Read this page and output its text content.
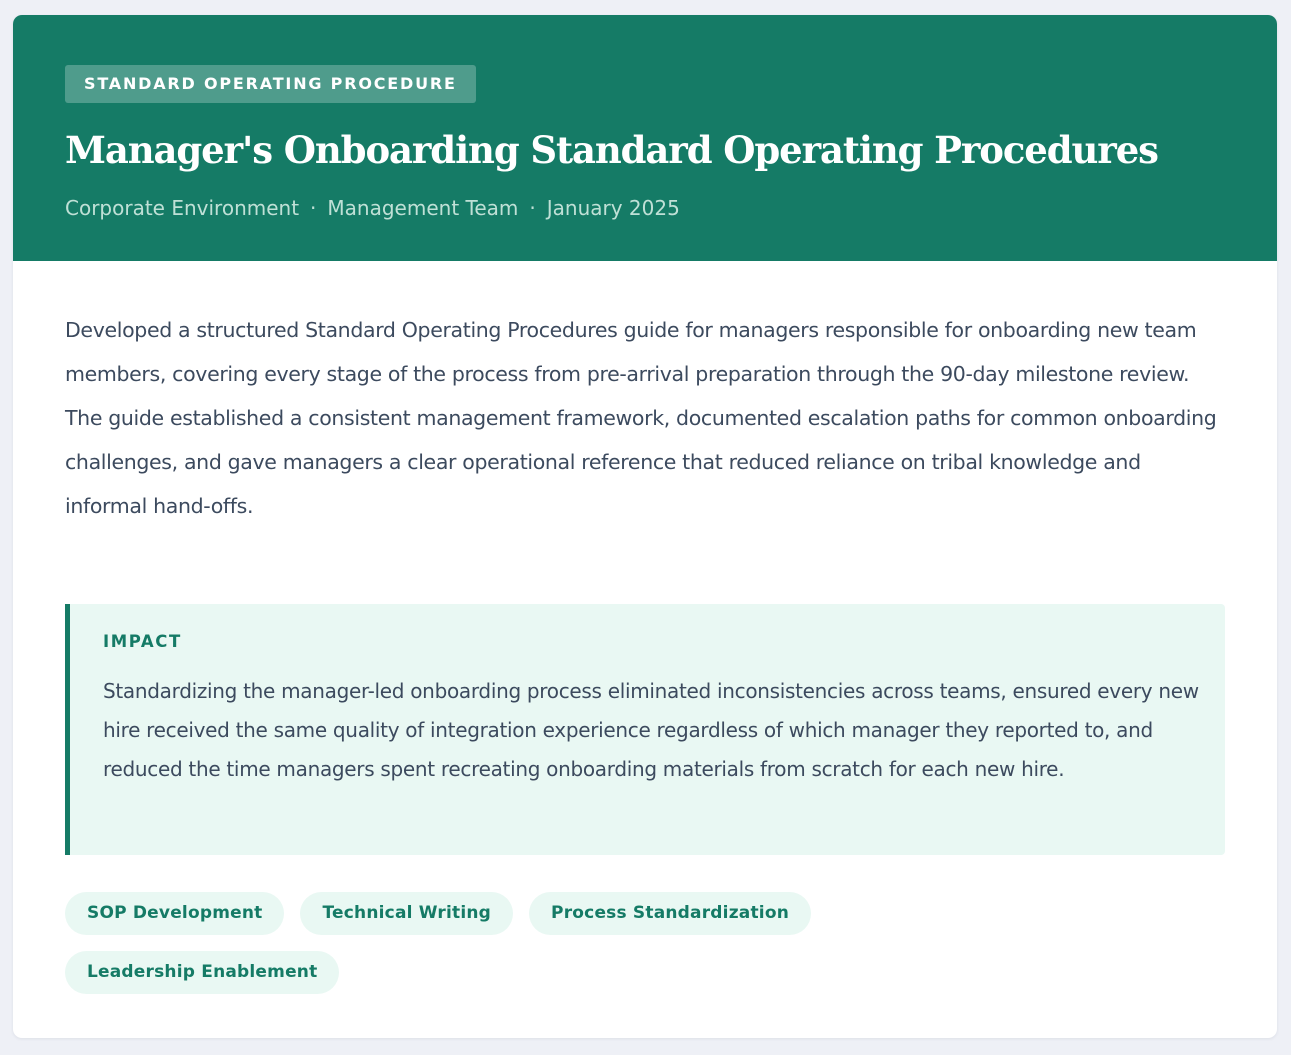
STANDARD OPERATING PROCEDURE
Manager's Onboarding Standard Operating Procedures
Corporate Environment · Management Team · January 2025

Developed a structured Standard Operating Procedures guide for managers responsible for onboarding new team members, covering every stage of the process from pre-arrival preparation through the 90-day milestone review. The guide established a consistent management framework, documented escalation paths for common onboarding challenges, and gave managers a clear operational reference that reduced reliance on tribal knowledge and informal hand-offs.

IMPACT

Standardizing the manager-led onboarding process eliminated inconsistencies across teams, ensured every new hire received the same quality of integration experience regardless of which manager they reported to, and reduced the time managers spent recreating onboarding materials from scratch for each new hire.

SOP Development	Technical Writing	Process Standardization
Leadership Enablement
